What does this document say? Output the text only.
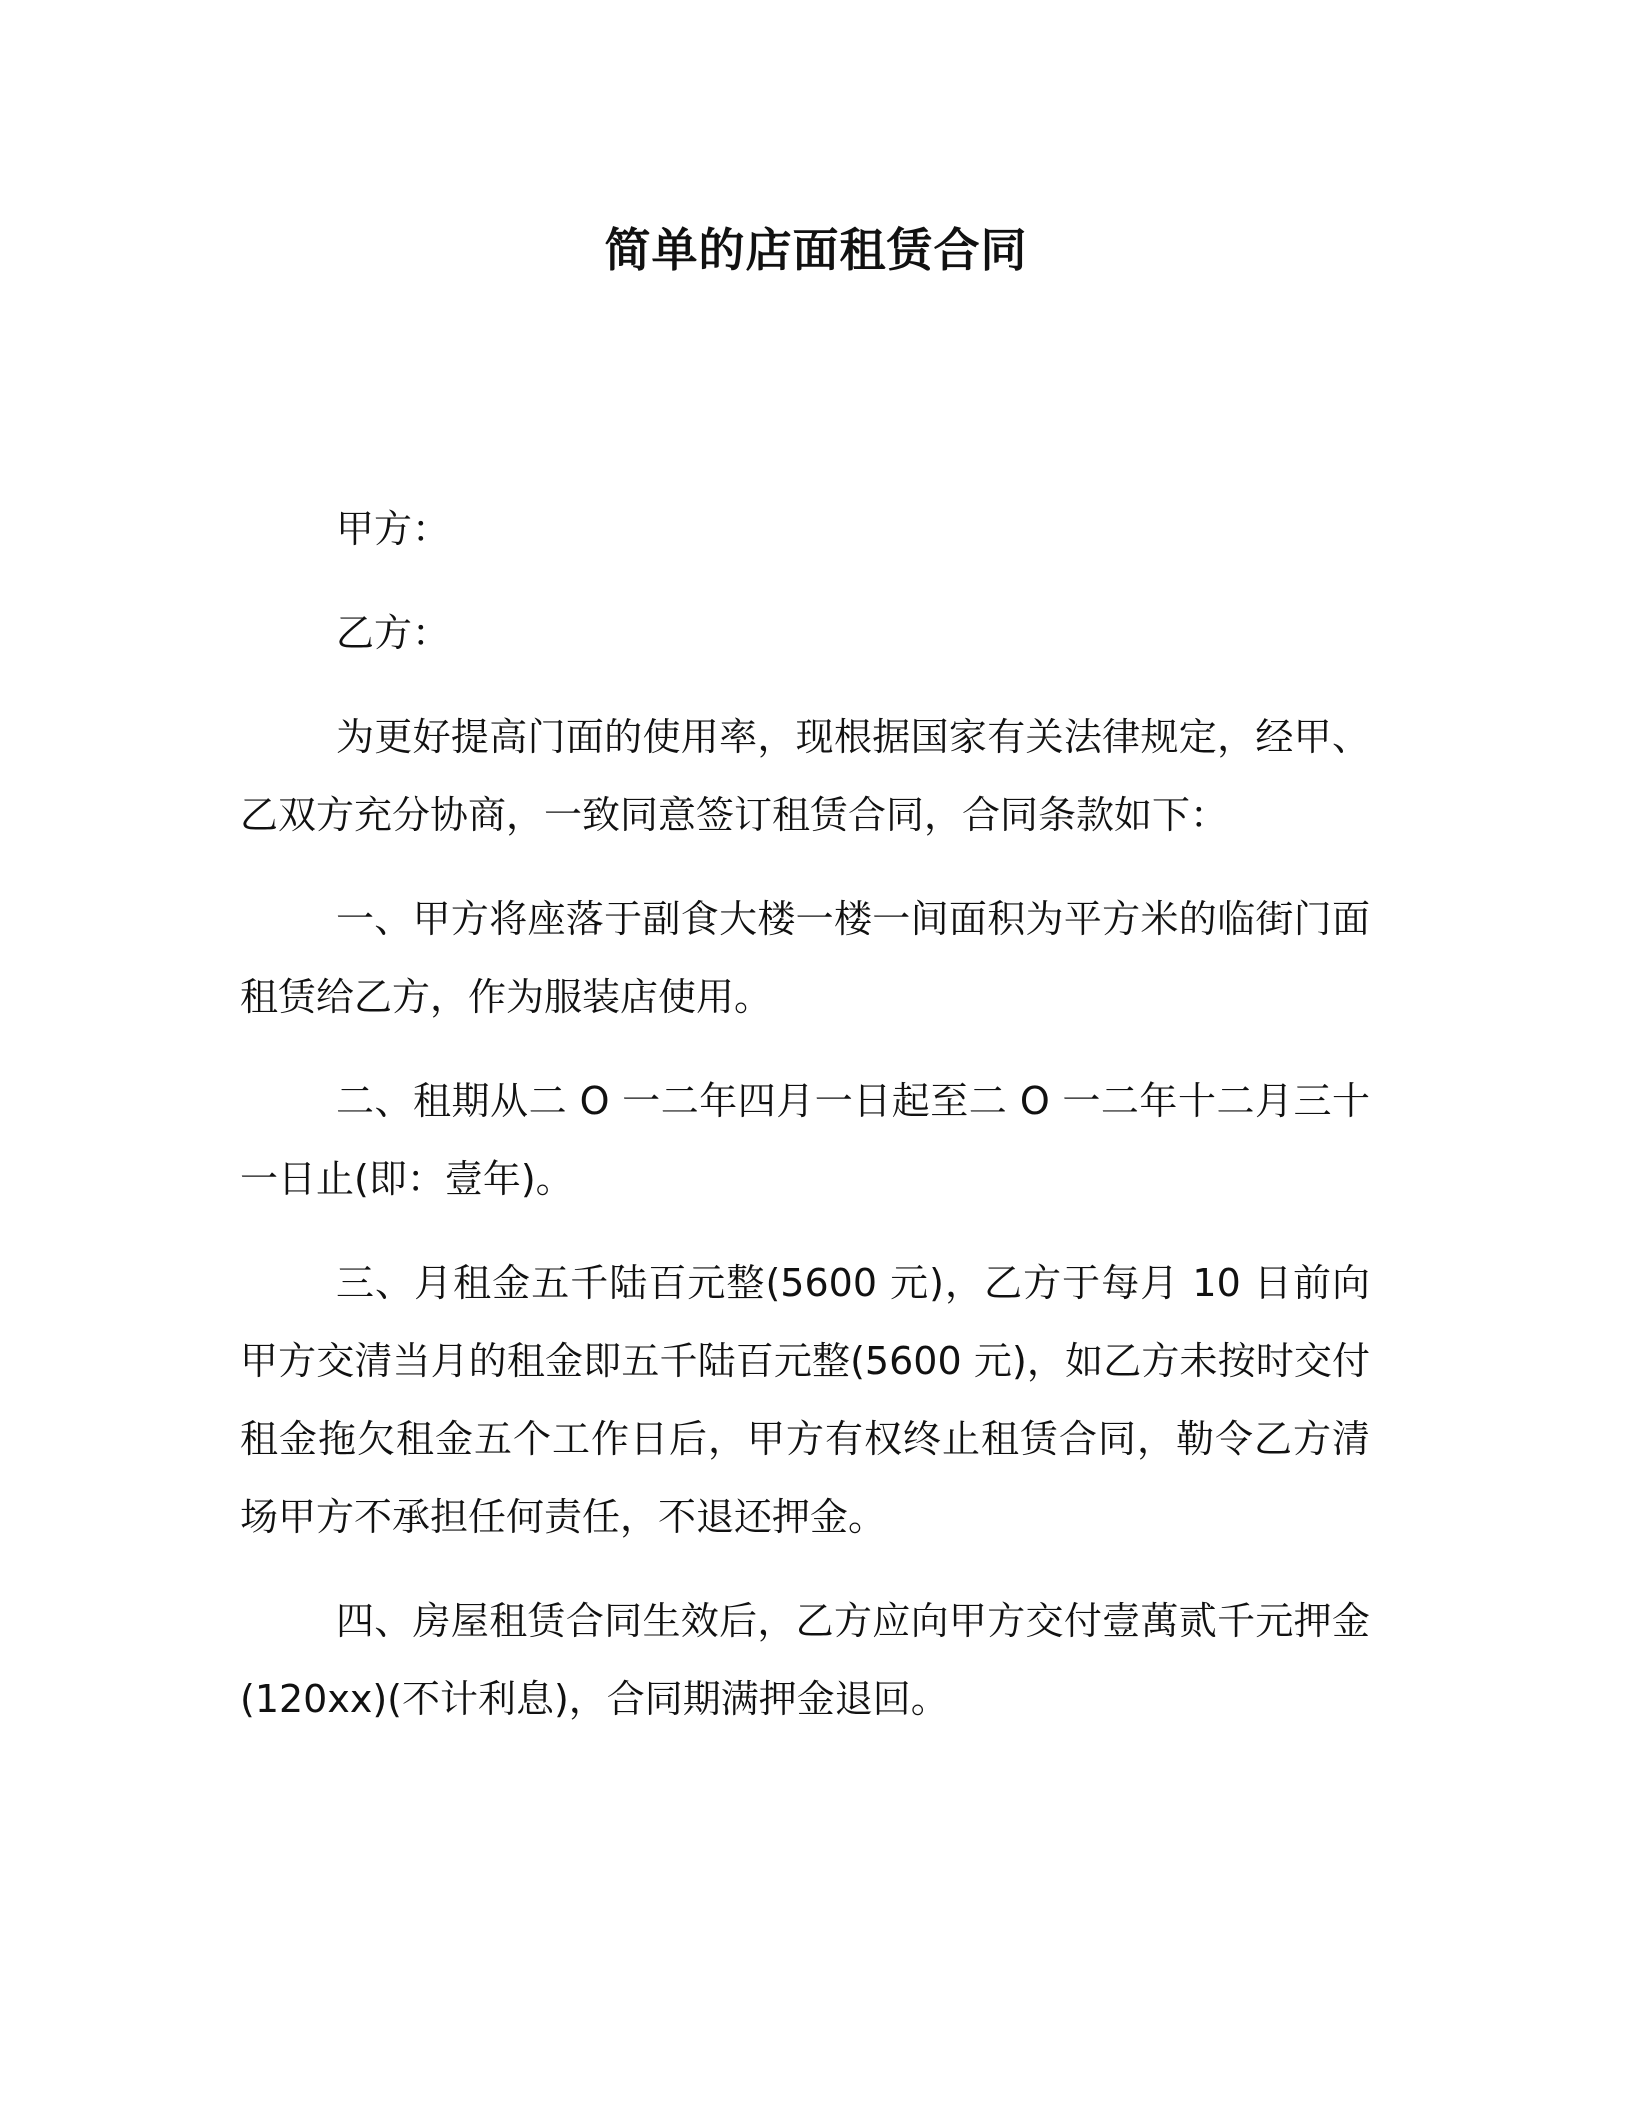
简单的店面租赁合同

甲方：

乙方：

为更好提高门面的使用率，现根据国家有关法律规定，经甲、乙双方充分协商，一致同意签订租赁合同，合同条款如下：

一、甲方将座落于副食大楼一楼一间面积为平方米的临街门面租赁给乙方，作为服装店使用。

二、租期从二 O 一二年四月一日起至二 O 一二年十二月三十一日止(即：壹年)。

三、月租金五千陆百元整(5600 元)，乙方于每月 10 日前向甲方交清当月的租金即五千陆百元整(5600 元)，如乙方未按时交付租金拖欠租金五个工作日后，甲方有权终止租赁合同，勒令乙方清场甲方不承担任何责任，不退还押金。

四、房屋租赁合同生效后，乙方应向甲方交付壹萬贰千元押金(120xx)(不计利息)，合同期满押金退回。
